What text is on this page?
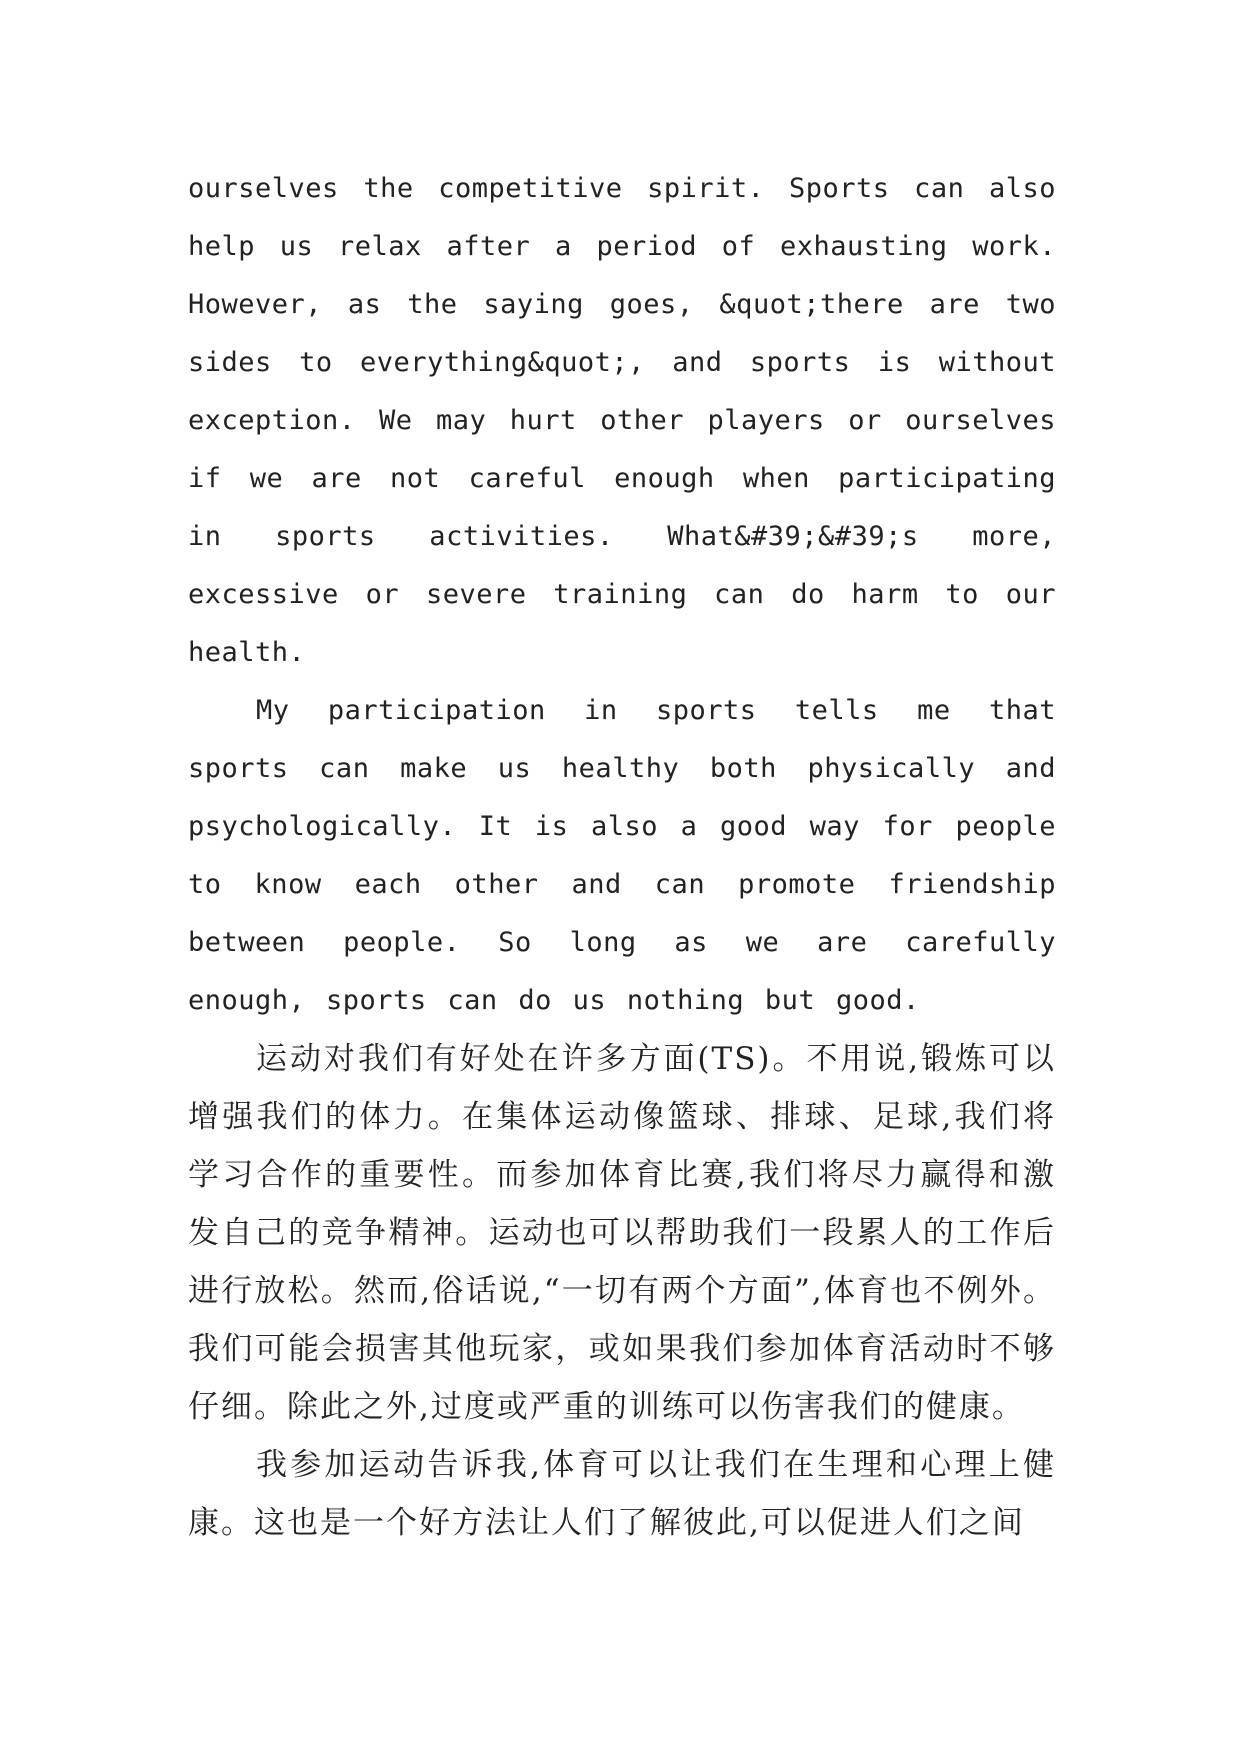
ourselves the competitive spirit. Sports can also help us relax after a period of exhausting work. However, as the saying goes, &quot;there are two sides to everything&quot;, and sports is without exception. We may hurt other players or ourselves if we are not careful enough when participating in sports activities. What&#39;&#39;s more, excessive or severe training can do harm to our health.

My participation in sports tells me that sports can make us healthy both physically and psychologically. It is also a good way for people to know each other and can promote friendship between people. So long as we are carefully enough, sports can do us nothing but good.

运动对我们有好处在许多方面(TS)。不用说,锻炼可以增强我们的体力。在集体运动像篮球、排球、足球,我们将学习合作的重要性。而参加体育比赛,我们将尽力赢得和激发自己的竞争精神。运动也可以帮助我们一段累人的工作后进行放松。然而,俗话说,“一切有两个方面”,体育也不例外。我们可能会损害其他玩家，或如果我们参加体育活动时不够仔细。除此之外,过度或严重的训练可以伤害我们的健康。

我参加运动告诉我,体育可以让我们在生理和心理上健康。这也是一个好方法让人们了解彼此,可以促进人们之间
